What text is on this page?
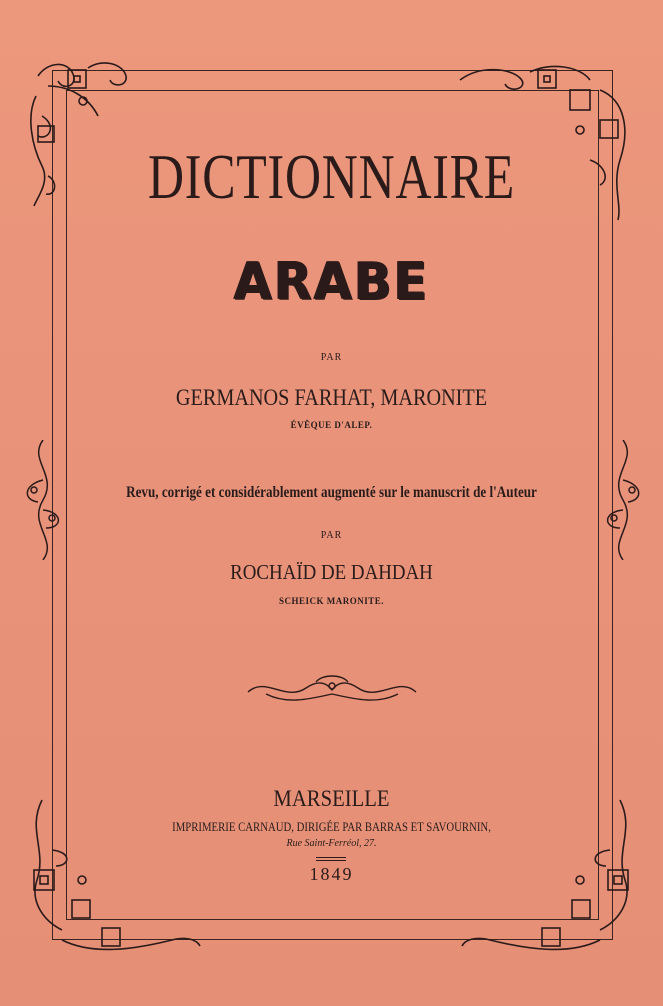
DICTIONNAIRE
ARABE
PAR
GERMANOS FARHAT, MARONITE
ÉVÊQUE D'ALEP.
Revu, corrigé et considérablement augmenté sur le manuscrit de l'Auteur
PAR
ROCHAÏD DE DAHDAH
SCHEICK MARONITE.
MARSEILLE
IMPRIMERIE CARNAUD, DIRIGÉE PAR BARRAS ET SAVOURNIN,
Rue Saint-Ferréol, 27.
1849
